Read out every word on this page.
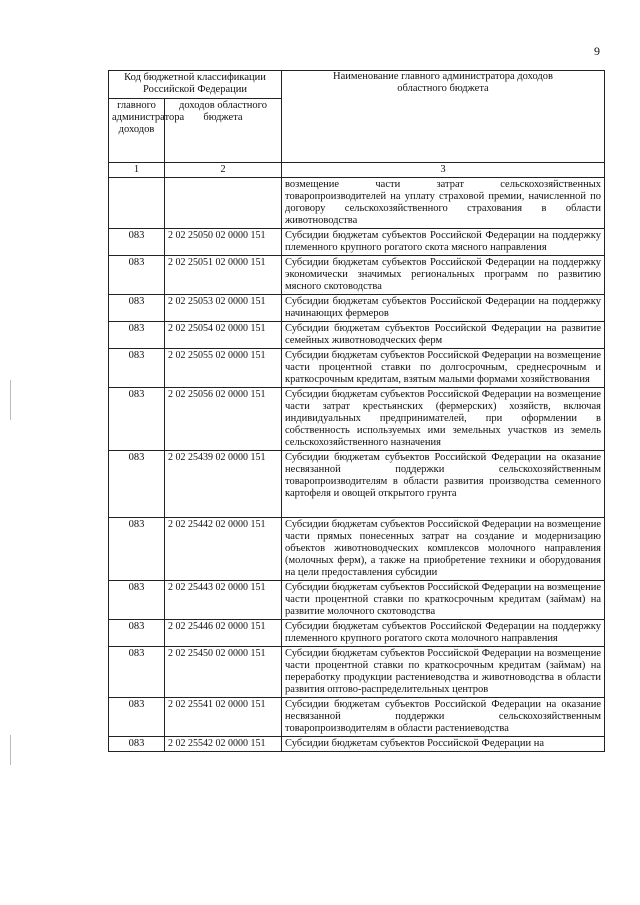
9
Код бюджетной классификации Российской Федерации		Наименование главного администратора доходов областного бюджета
главного администратора доходов	доходов областного бюджета	
1	2	3
		возмещение части затрат сельскохозяйственных товаропроизводителей на уплату страховой премии, начисленной по договору сельскохозяйственного страхования в области животноводства
083	2 02 25050 02 0000 151	Субсидии бюджетам субъектов Российской Федерации на поддержку племенного крупного рогатого скота мясного направления
083	2 02 25051 02 0000 151	Субсидии бюджетам субъектов Российской Федерации на поддержку экономически значимых региональных программ по развитию мясного скотоводства
083	2 02 25053 02 0000 151	Субсидии бюджетам субъектов Российской Федерации на поддержку начинающих фермеров
083	2 02 25054 02 0000 151	Субсидии бюджетам субъектов Российской Федерации на развитие семейных животноводческих ферм
083	2 02 25055 02 0000 151	Субсидии бюджетам субъектов Российской Федерации на возмещение части процентной ставки по долгосрочным, среднесрочным и краткосрочным кредитам, взятым малыми формами хозяйствования
083	2 02 25056 02 0000 151	Субсидии бюджетам субъектов Российской Федерации на возмещение части затрат крестьянских (фермерских) хозяйств, включая индивидуальных предпринимателей, при оформлении в собственность используемых ими земельных участков из земель сельскохозяйственного назначения
083	2 02 25439 02 0000 151	Субсидии бюджетам субъектов Российской Федерации на оказание несвязанной поддержки сельскохозяйственным товаропроизводителям в области развития производства семенного картофеля и овощей открытого грунта
083	2 02 25442 02 0000 151	Субсидии бюджетам субъектов Российской Федерации на возмещение части прямых понесенных затрат на создание и модернизацию объектов животноводческих комплексов молочного направления (молочных ферм), а также на приобретение техники и оборудования на цели предоставления субсидии
083	2 02 25443 02 0000 151	Субсидии бюджетам субъектов Российской Федерации на возмещение части процентной ставки по краткосрочным кредитам (займам) на развитие молочного скотоводства
083	2 02 25446 02 0000 151	Субсидии бюджетам субъектов Российской Федерации на поддержку племенного крупного рогатого скота молочного направления
083	2 02 25450 02 0000 151	Субсидии бюджетам субъектов Российской Федерации на возмещение части процентной ставки по краткосрочным кредитам (займам) на переработку продукции растениеводства и животноводства в области развития оптово-распределительных центров
083	2 02 25541 02 0000 151	Субсидии бюджетам субъектов Российской Федерации на оказание несвязанной поддержки сельскохозяйственным товаропроизводителям в области растениеводства
083	2 02 25542 02 0000 151	Субсидии бюджетам субъектов Российской Федерации на
